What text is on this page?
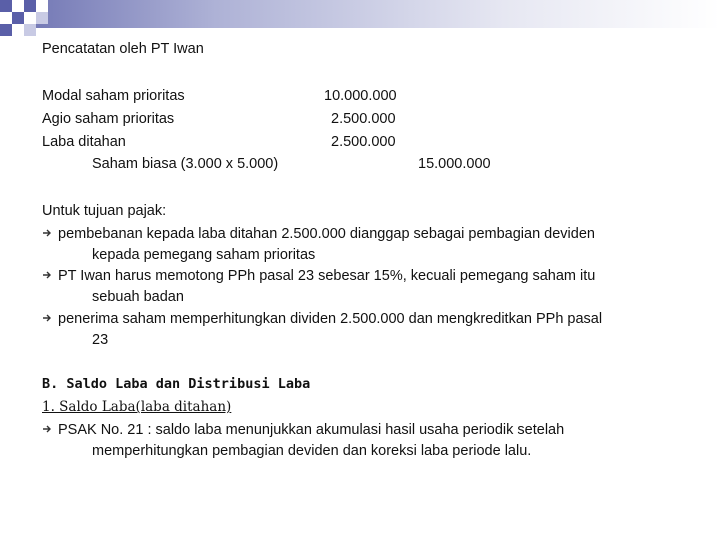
Pencatatan oleh PT Iwan
Modal saham prioritas	10.000.000
Agio saham prioritas	2.500.000
Laba ditahan	2.500.000
Saham biasa (3.000 x 5.000)	15.000.000
Untuk tujuan pajak:
pembebanan kepada laba ditahan 2.500.000 dianggap sebagai pembagian deviden
kepada pemegang saham prioritas
PT Iwan harus memotong PPh pasal 23 sebesar 15%, kecuali pemegang saham itu
sebuah badan
penerima saham memperhitungkan dividen 2.500.000 dan mengkreditkan PPh pasal
23
B. Saldo Laba dan Distribusi Laba
1. Saldo Laba(laba ditahan)
PSAK No. 21 : saldo laba menunjukkan akumulasi hasil usaha periodik setelah
memperhitungkan pembagian deviden dan koreksi laba periode lalu.
